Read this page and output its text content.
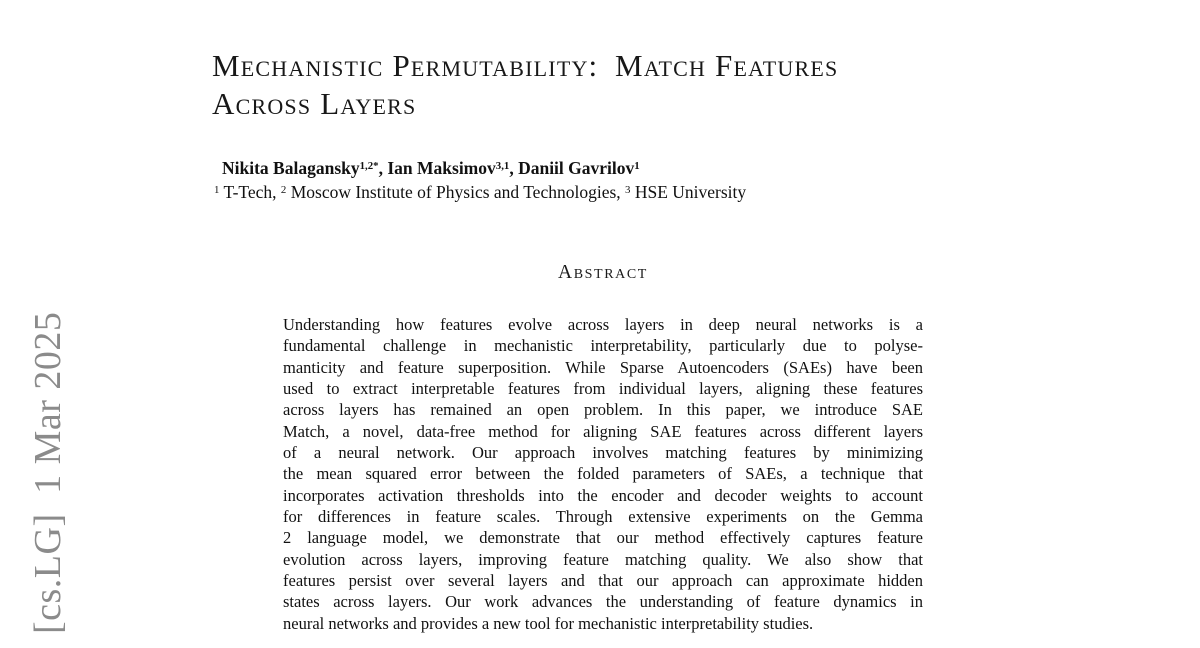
[cs.LG] 1 Mar 2025
Mechanistic Permutability: Match Features
Across Layers
Nikita Balagansky$^{1,2*}$, Ian Maksimov$^{3,1}$, Daniil Gavrilov$^1$
$^1$ T-Tech, $^2$ Moscow Institute of Physics and Technologies, $^3$ HSE University
Abstract
Understanding how features evolve across layers in deep neural networks is a
fundamental challenge in mechanistic interpretability, particularly due to polyse-
manticity and feature superposition. While Sparse Autoencoders (SAEs) have been
used to extract interpretable features from individual layers, aligning these features
across layers has remained an open problem. In this paper, we introduce SAE
Match, a novel, data-free method for aligning SAE features across different layers
of a neural network. Our approach involves matching features by minimizing
the mean squared error between the folded parameters of SAEs, a technique that
incorporates activation thresholds into the encoder and decoder weights to account
for differences in feature scales. Through extensive experiments on the Gemma
2 language model, we demonstrate that our method effectively captures feature
evolution across layers, improving feature matching quality. We also show that
features persist over several layers and that our approach can approximate hidden
states across layers. Our work advances the understanding of feature dynamics in
neural networks and provides a new tool for mechanistic interpretability studies.
